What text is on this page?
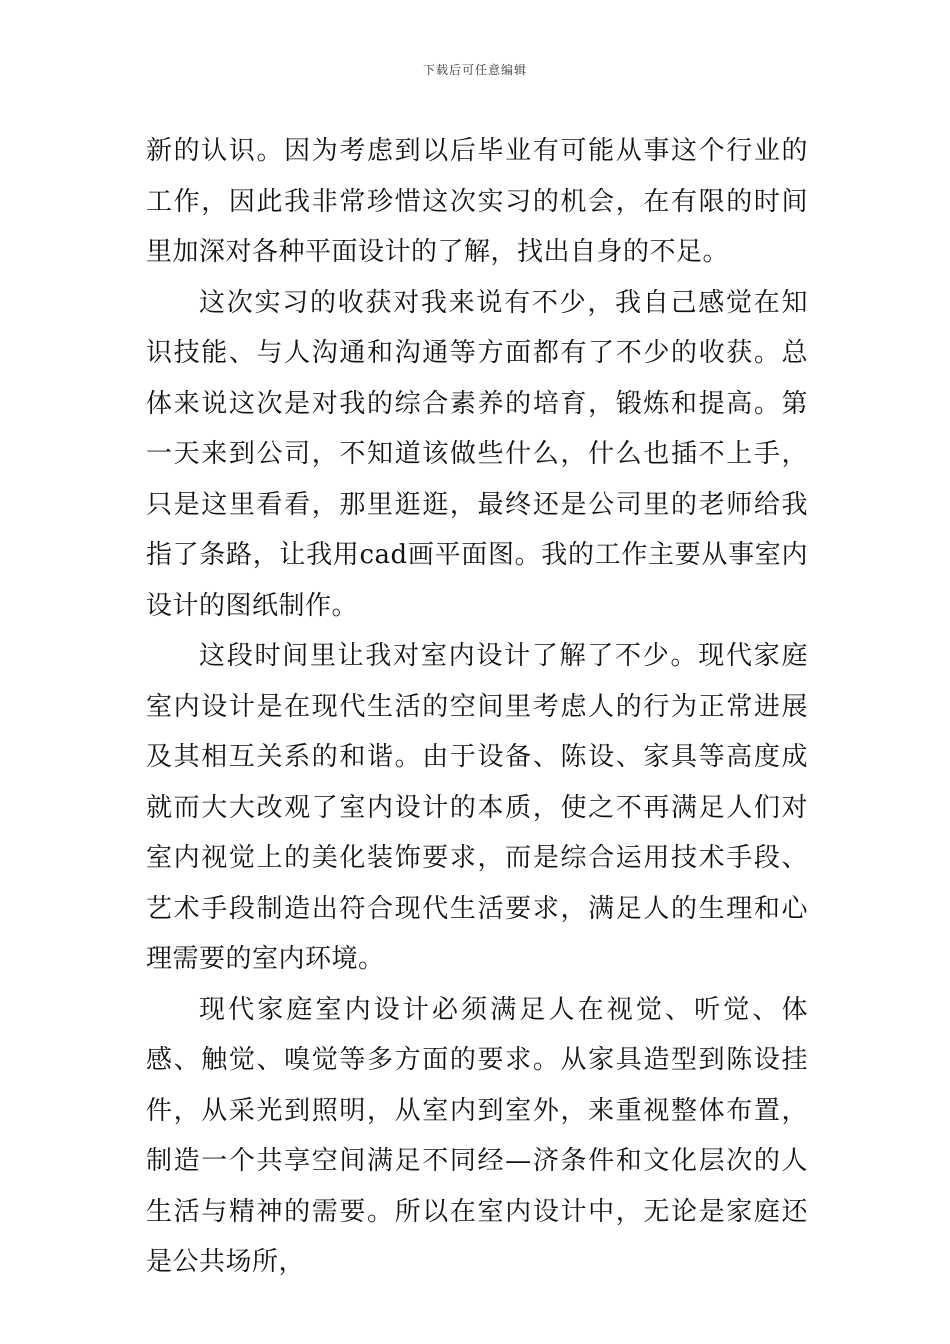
下载后可任意编辑

新的认识。因为考虑到以后毕业有可能从事这个行业的工作，因此我非常珍惜这次实习的机会，在有限的时间里加深对各种平面设计的了解，找出自身的不足。

这次实习的收获对我来说有不少，我自己感觉在知识技能、与人沟通和沟通等方面都有了不少的收获。总体来说这次是对我的综合素养的培育，锻炼和提高。第一天来到公司，不知道该做些什么，什么也插不上手，只是这里看看，那里逛逛，最终还是公司里的老师给我指了条路，让我用cad画平面图。我的工作主要从事室内设计的图纸制作。

这段时间里让我对室内设计了解了不少。现代家庭室内设计是在现代生活的空间里考虑人的行为正常进展及其相互关系的和谐。由于设备、陈设、家具等高度成就而大大改观了室内设计的本质，使之不再满足人们对室内视觉上的美化装饰要求，而是综合运用技术手段、艺术手段制造出符合现代生活要求，满足人的生理和心理需要的室内环境。

现代家庭室内设计必须满足人在视觉、听觉、体感、触觉、嗅觉等多方面的要求。从家具造型到陈设挂件，从采光到照明，从室内到室外，来重视整体布置，制造一个共享空间满足不同经—济条件和文化层次的人生活与精神的需要。所以在室内设计中，无论是家庭还是公共场所，
